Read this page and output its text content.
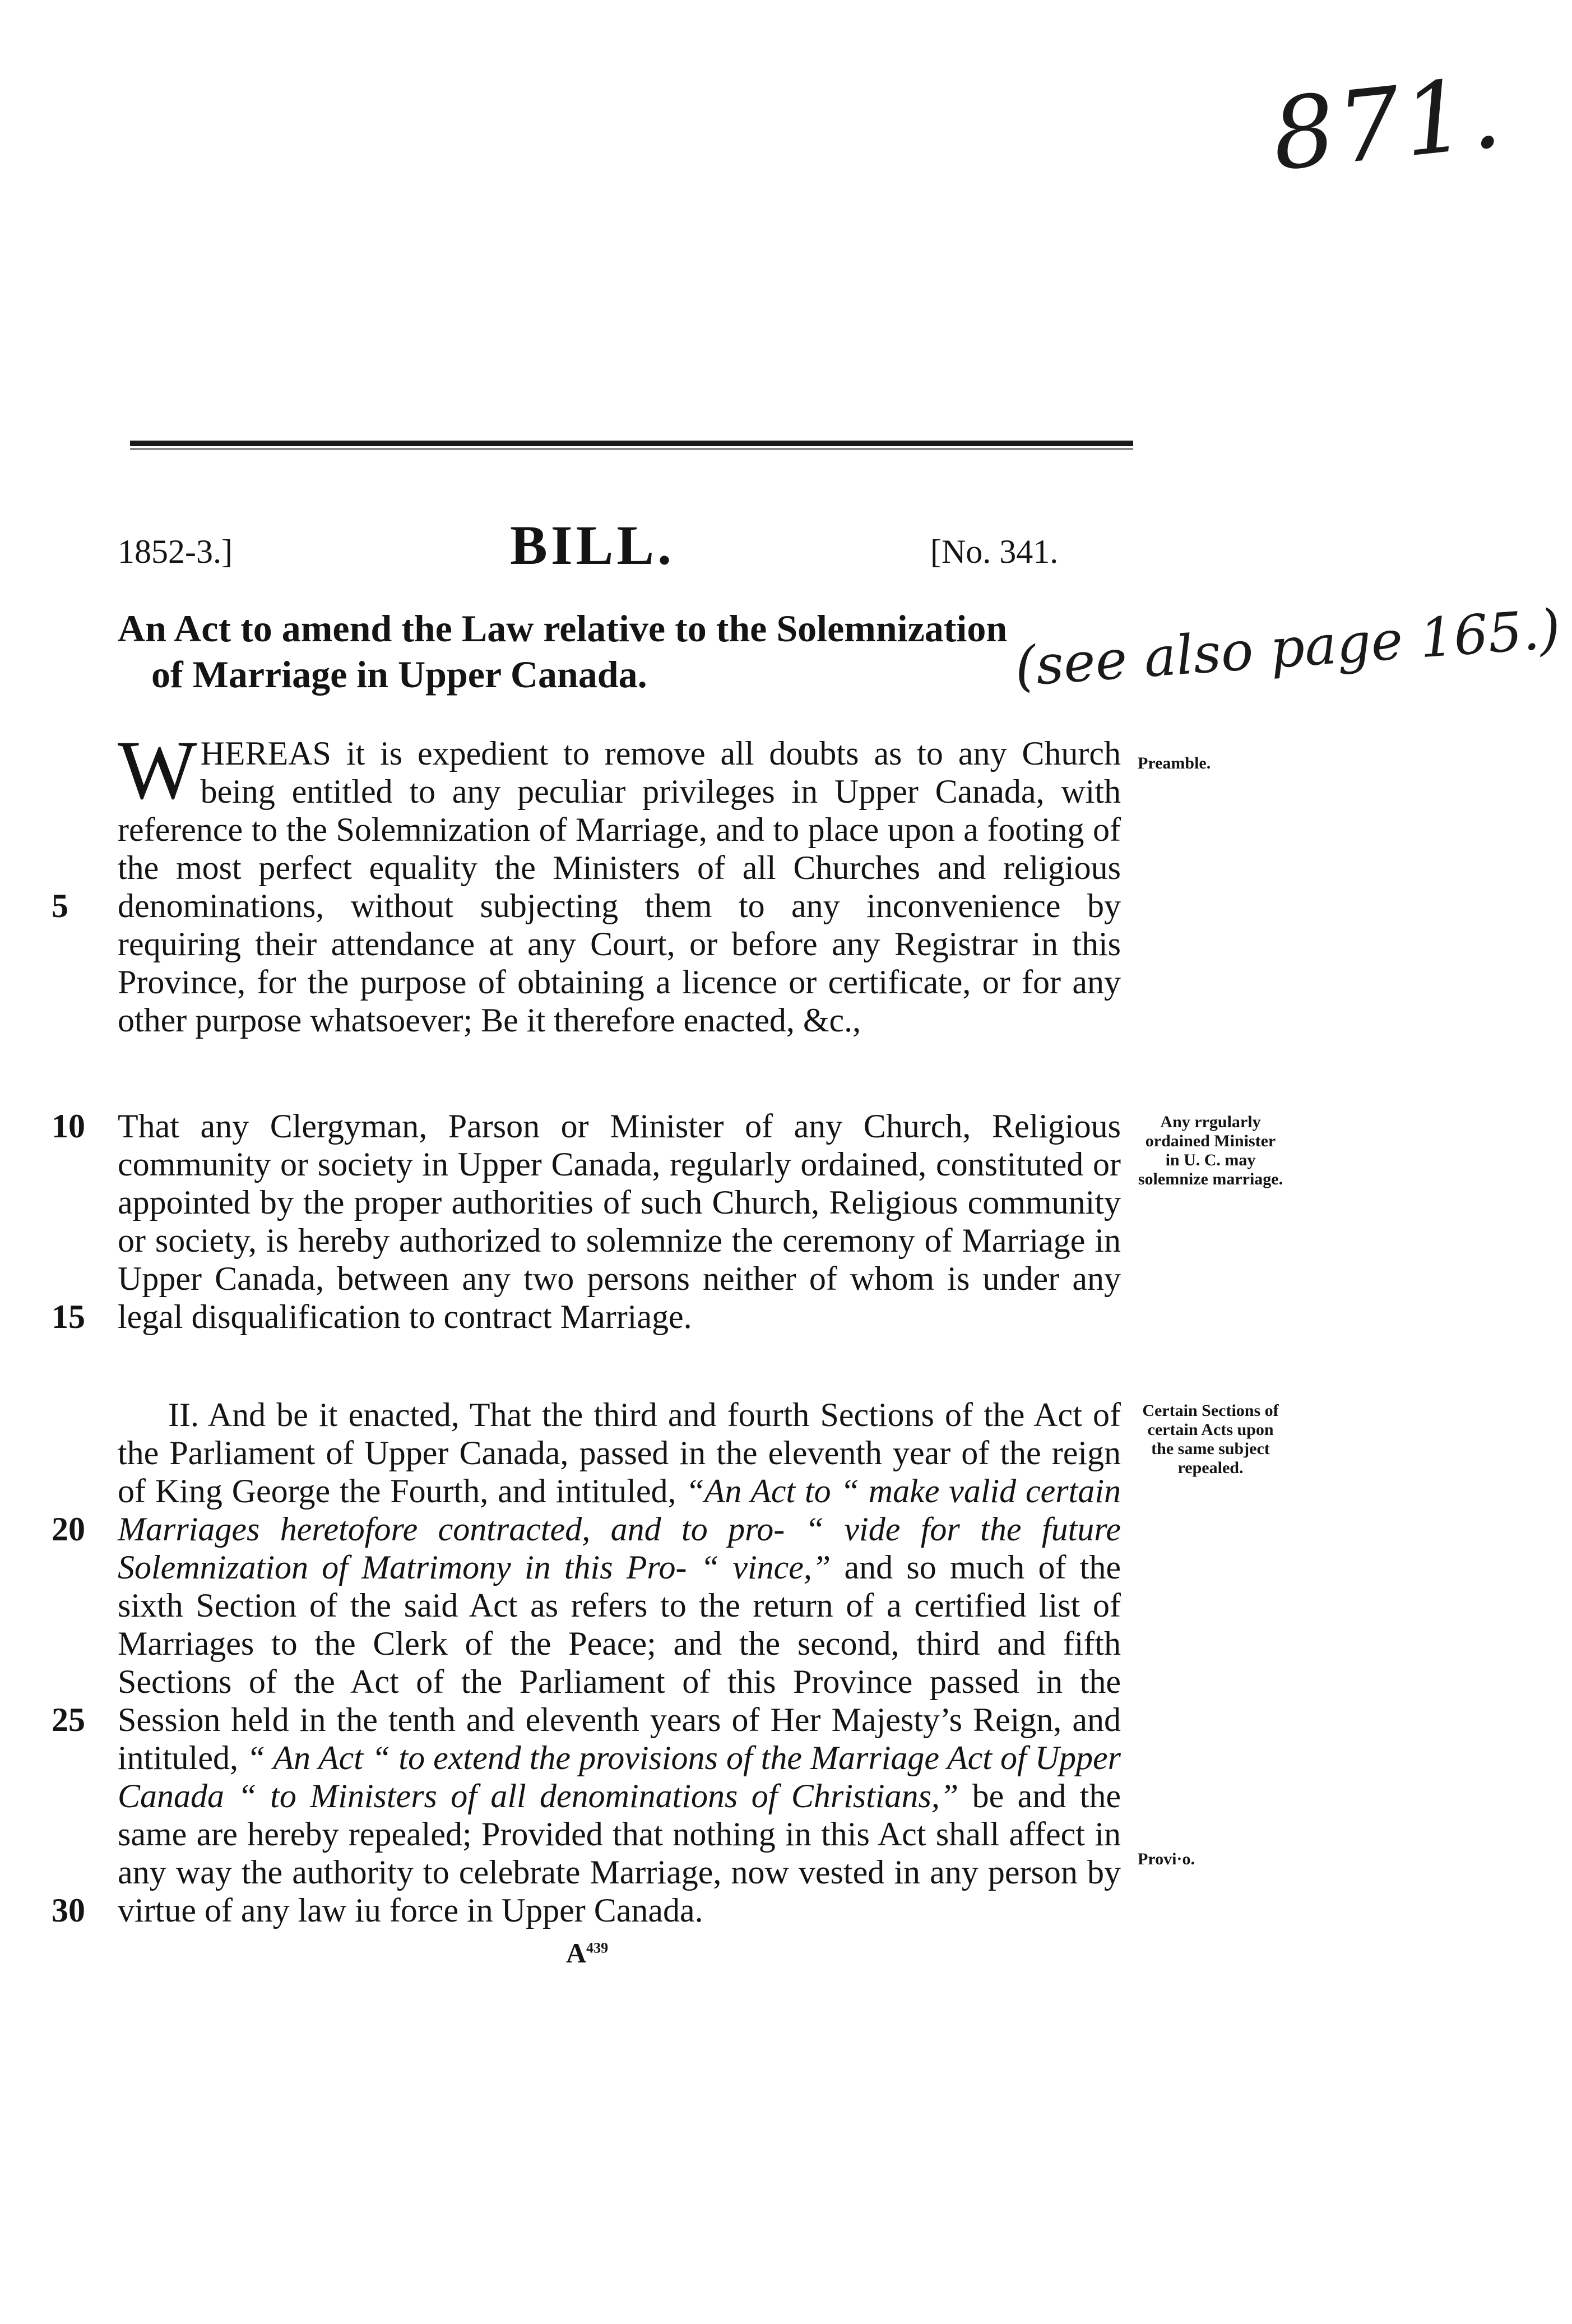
871.
1852-3.]	BILL.	[No. 341.
An Act to amend the Law relative to the Solemnization
of Marriage in Upper Canada.	(see also page 165.)
WHEREAS it is expedient to remove all doubts as to any Church being entitled to any peculiar privileges in Upper Canada, with reference to the Solemnization of Marriage, and to place upon a footing of the most perfect equality the Ministers of all Churches and religious denominations, without subjecting them to any inconvenience by requiring their attendance at any Court, or before any Registrar in this Province, for the purpose of obtaining a licence or certificate, or for any other purpose whatsoever; Be it therefore enacted, &c.,
Preamble.
5
That any Clergyman, Parson or Minister of any Church, Religious community or society in Upper Canada, regularly ordained, constituted or appointed by the proper authorities of such Church, Religious community or society, is hereby authorized to solemnize the ceremony of Marriage in Upper Canada, between any two persons neither of whom is under any legal disqualification to contract Marriage.
Any rrgularly ordained Minister in U. C. may solemnize marriage.
10
15
II. And be it enacted, That the third and fourth Sections of the Act of the Parliament of Upper Canada, passed in the eleventh year of the reign of King George the Fourth, and intituled, “An Act to “ make valid certain Marriages heretofore contracted, and to pro- “ vide for the future Solemnization of Matrimony in this Pro- “ vince,” and so much of the sixth Section of the said Act as refers to the return of a certified list of Marriages to the Clerk of the Peace; and the second, third and fifth Sections of the Act of the Parliament of this Province passed in the Session held in the tenth and eleventh years of Her Majesty’s Reign, and intituled, “ An Act “ to extend the provisions of the Marriage Act of Upper Canada “ to Ministers of all denominations of Christians,” be and the same are hereby repealed; Provided that nothing in this Act shall affect in any way the authority to celebrate Marriage, now vested in any person by virtue of any law iu force in Upper Canada.
Certain Sections of certain Acts upon the same subject repealed.
20
25
30
Provi·o.
$A^{439}$
